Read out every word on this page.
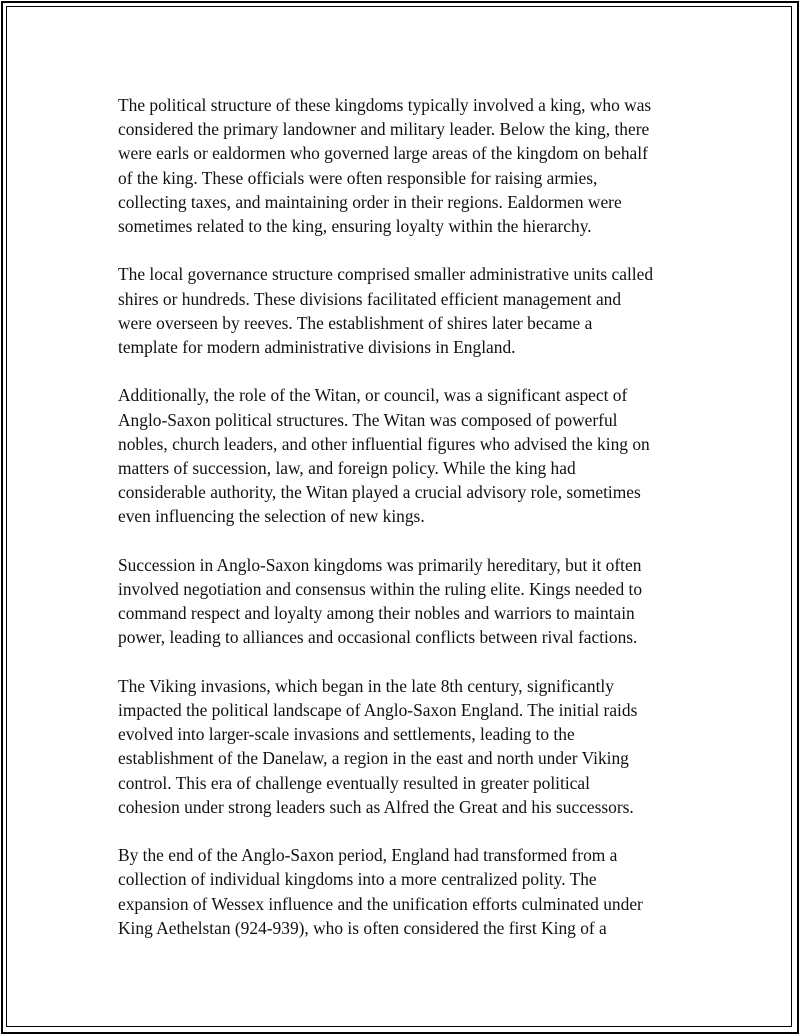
The political structure of these kingdoms typically involved a king, who was
considered the primary landowner and military leader. Below the king, there
were earls or ealdormen who governed large areas of the kingdom on behalf
of the king. These officials were often responsible for raising armies,
collecting taxes, and maintaining order in their regions. Ealdormen were
sometimes related to the king, ensuring loyalty within the hierarchy.

The local governance structure comprised smaller administrative units called
shires or hundreds. These divisions facilitated efficient management and
were overseen by reeves. The establishment of shires later became a
template for modern administrative divisions in England.

Additionally, the role of the Witan, or council, was a significant aspect of
Anglo-Saxon political structures. The Witan was composed of powerful
nobles, church leaders, and other influential figures who advised the king on
matters of succession, law, and foreign policy. While the king had
considerable authority, the Witan played a crucial advisory role, sometimes
even influencing the selection of new kings.

Succession in Anglo-Saxon kingdoms was primarily hereditary, but it often
involved negotiation and consensus within the ruling elite. Kings needed to
command respect and loyalty among their nobles and warriors to maintain
power, leading to alliances and occasional conflicts between rival factions.

The Viking invasions, which began in the late 8th century, significantly
impacted the political landscape of Anglo-Saxon England. The initial raids
evolved into larger-scale invasions and settlements, leading to the
establishment of the Danelaw, a region in the east and north under Viking
control. This era of challenge eventually resulted in greater political
cohesion under strong leaders such as Alfred the Great and his successors.

By the end of the Anglo-Saxon period, England had transformed from a
collection of individual kingdoms into a more centralized polity. The
expansion of Wessex influence and the unification efforts culminated under
King Aethelstan (924-939), who is often considered the first King of a
